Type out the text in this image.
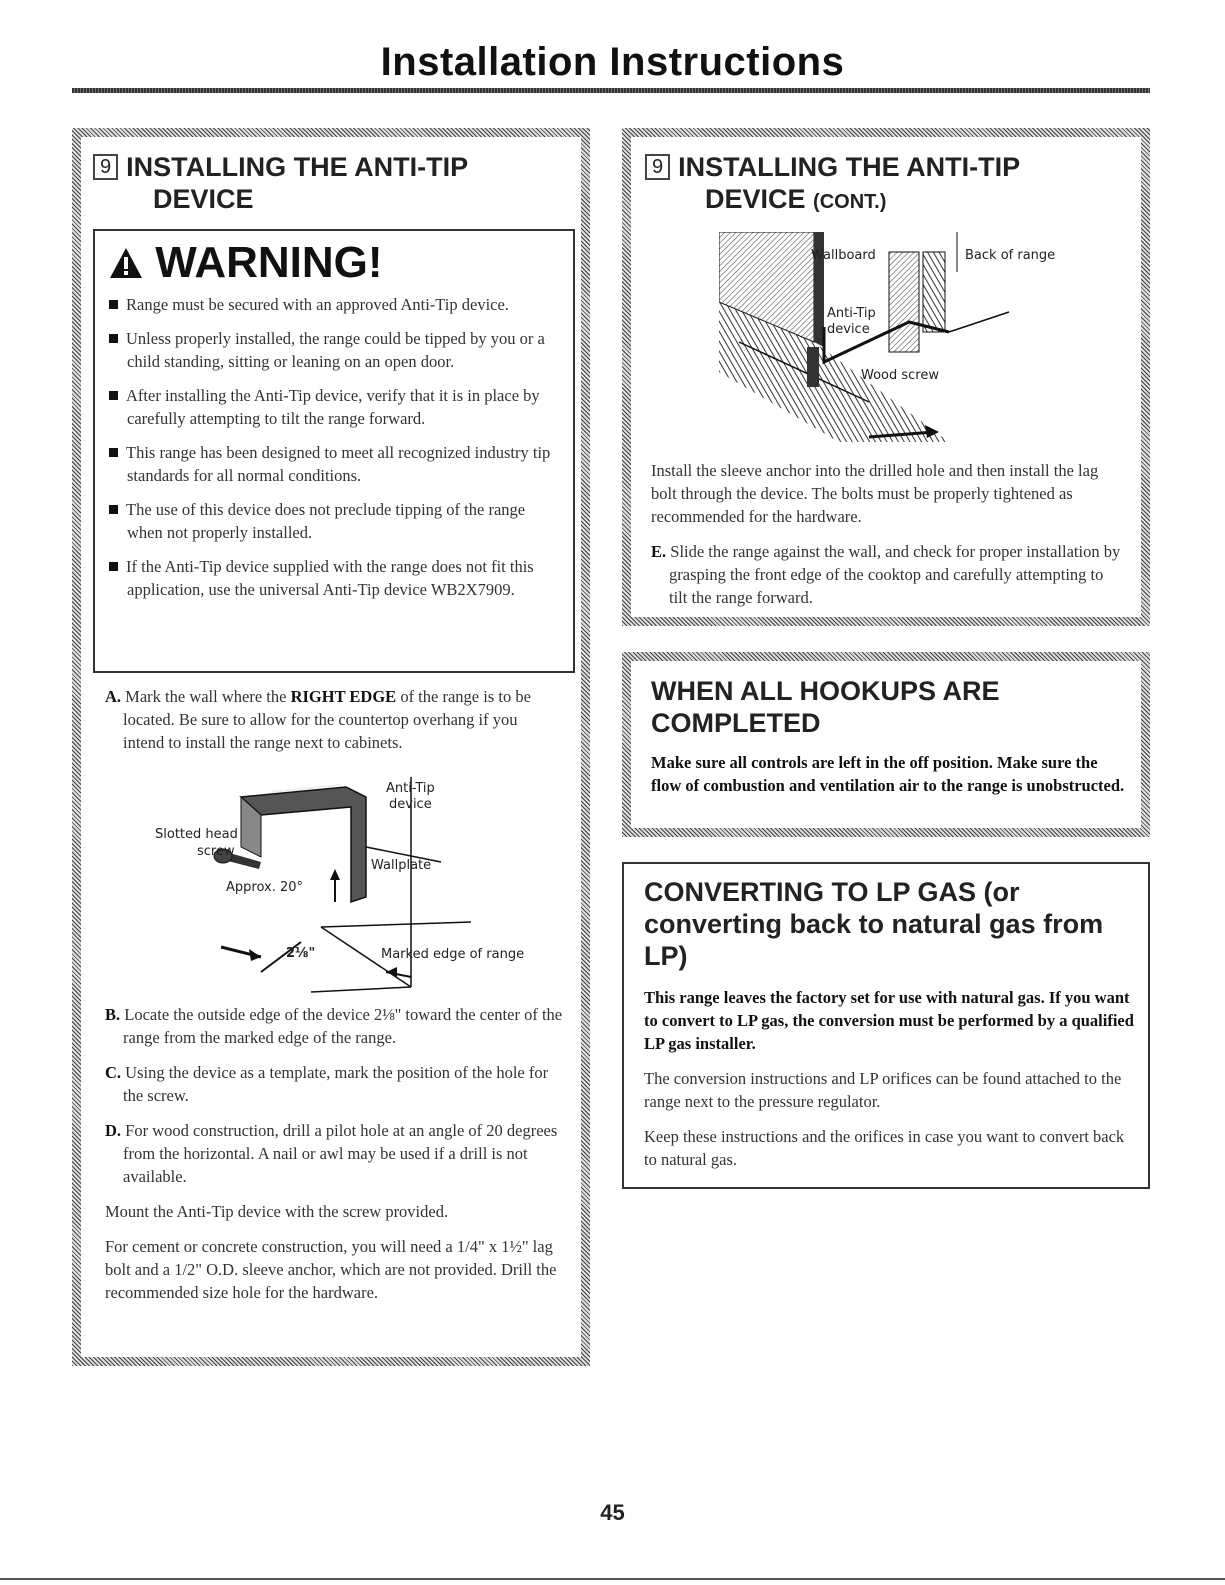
Installation Instructions
9 INSTALLING THE ANTI-TIP
DEVICE
WARNING!
Range must be secured with an approved Anti-Tip device.
Unless properly installed, the range could be tipped by you or a child standing, sitting or leaning on an open door.
After installing the Anti-Tip device, verify that it is in place by carefully attempting to tilt the range forward.
This range has been designed to meet all recognized industry tip standards for all normal conditions.
The use of this device does not preclude tipping of the range when not properly installed.
If the Anti-Tip device supplied with the range does not fit this application, use the universal Anti-Tip device WB2X7909.

A. Mark the wall where the RIGHT EDGE of the range is to be located. Be sure to allow for the countertop overhang if you intend to install the range next to cabinets.

Anti-Tip
device
Slotted head
screw
Wallplate
Approx. 20°
2⅛"	Marked edge of range

B. Locate the outside edge of the device 2⅛" toward the center of the range from the marked edge of the range.

C. Using the device as a template, mark the position of the hole for the screw.

D. For wood construction, drill a pilot hole at an angle of 20 degrees from the horizontal. A nail or awl may be used if a drill is not available.

Mount the Anti-Tip device with the screw provided.

For cement or concrete construction, you will need a 1/4" x 1½" lag bolt and a 1/2" O.D. sleeve anchor, which are not provided. Drill the recommended size hole for the hardware.

9 INSTALLING THE ANTI-TIP
DEVICE (CONT.)
Wallboard	Back of range
Anti-Tip
device
Wood screw

Install the sleeve anchor into the drilled hole and then install the lag bolt through the device. The bolts must be properly tightened as recommended for the hardware.

E. Slide the range against the wall, and check for proper installation by grasping the front edge of the cooktop and carefully attempting to tilt the range forward.

WHEN ALL HOOKUPS ARE
COMPLETED

Make sure all controls are left in the off position. Make sure the flow of combustion and ventilation air to the range is unobstructed.

CONVERTING TO LP GAS (or
converting back to natural gas from LP)

This range leaves the factory set for use with natural gas. If you want to convert to LP gas, the conversion must be performed by a qualified LP gas installer.

The conversion instructions and LP orifices can be found attached to the range next to the pressure regulator.

Keep these instructions and the orifices in case you want to convert back to natural gas.

45
